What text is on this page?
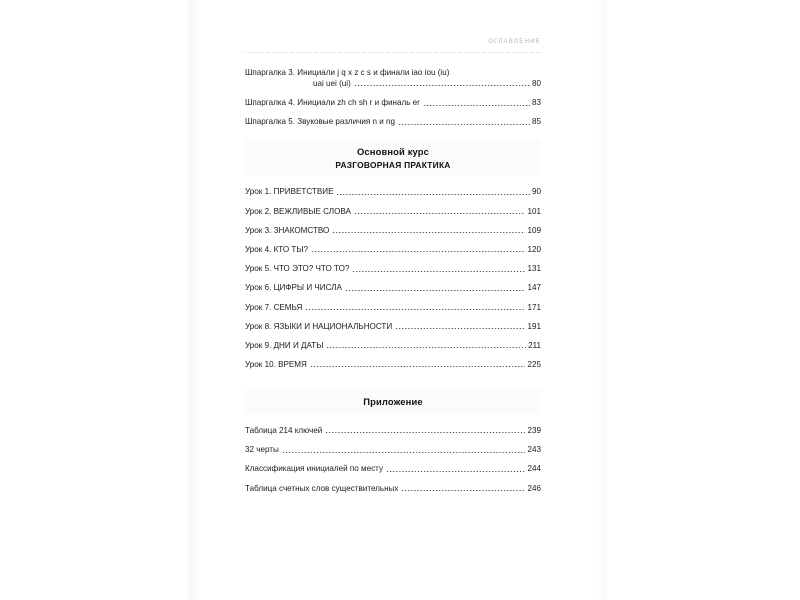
ОГЛАВЛЕНИЕ
Шпаргалка 3. Инициали j q x z c s и финали iao iou (iu)
uai uei (ui)	80
Шпаргалка 4. Инициали zh ch sh r и финаль er	83
Шпаргалка 5. Звуковые различия n и ng	85
Основной курс
РАЗГОВОРНАЯ ПРАКТИКА
Урок 1. ПРИВЕТСТВИЕ	90
Урок 2. ВЕЖЛИВЫЕ СЛОВА	101
Урок 3. ЗНАКОМСТВО	109
Урок 4. КТО ТЫ?	120
Урок 5. ЧТО ЭТО? ЧТО ТО?	131
Урок 6. ЦИФРЫ И ЧИСЛА	147
Урок 7. СЕМЬЯ	171
Урок 8. ЯЗЫКИ И НАЦИОНАЛЬНОСТИ	191
Урок 9. ДНИ И ДАТЫ	211
Урок 10. ВРЕМЯ	225
Приложение
Таблица 214 ключей	239
32 черты	243
Классификация инициалей по месту	244
Таблица счетных слов существительных	246
